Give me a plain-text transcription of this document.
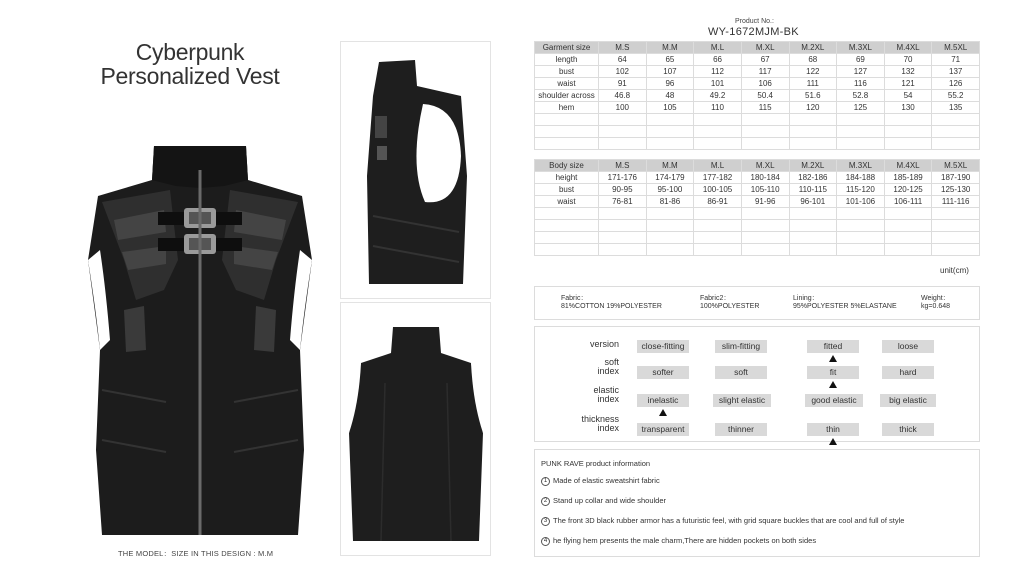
Cyberpunk
Personalized Vest
THE MODEL：SIZE IN THIS DESIGN : M.M
Product No.:
WY-1672MJM-BK
Garment size	M.S	M.M	M.L	M.XL	M.2XL	M.3XL	M.4XL	M.5XL
length	64	65	66	67	68	69	70	71
bust	102	107	112	117	122	127	132	137
waist	91	96	101	106	111	116	121	126
shoulder across	46.8	48	49.2	50.4	51.6	52.8	54	55.2
hem	100	105	110	115	120	125	130	135

Body size	M.S	M.M	M.L	M.XL	M.2XL	M.3XL	M.4XL	M.5XL
height	171-176	174-179	177-182	180-184	182-186	184-188	185-189	187-190
bust	90-95	95-100	100-105	105-110	110-115	115-120	120-125	125-130
waist	76-81	81-86	86-91	91-96	96-101	101-106	106-111	111-116

unit(cm)
Fabric：
81%COTTON 19%POLYESTER
Fabric2：
100%POLYESTER
Lining：
95%POLYESTER 5%ELASTANE
Weight：
kg=0.648
version	close-fitting	slim-fitting	fitted	loose
soft
index	softer	soft	fit	hard
elastic
index	inelastic	slight elastic	good elastic	big elastic
thickness
index	transparent	thinner	thin	thick
PUNK RAVE product information
1 Made of elastic sweatshirt fabric
2 Stand up collar and wide shoulder
3 The front 3D black rubber armor has a futuristic feel, with grid square buckles that are cool and full of style
4 he flying hem presents the male charm,There are hidden pockets on both sides
